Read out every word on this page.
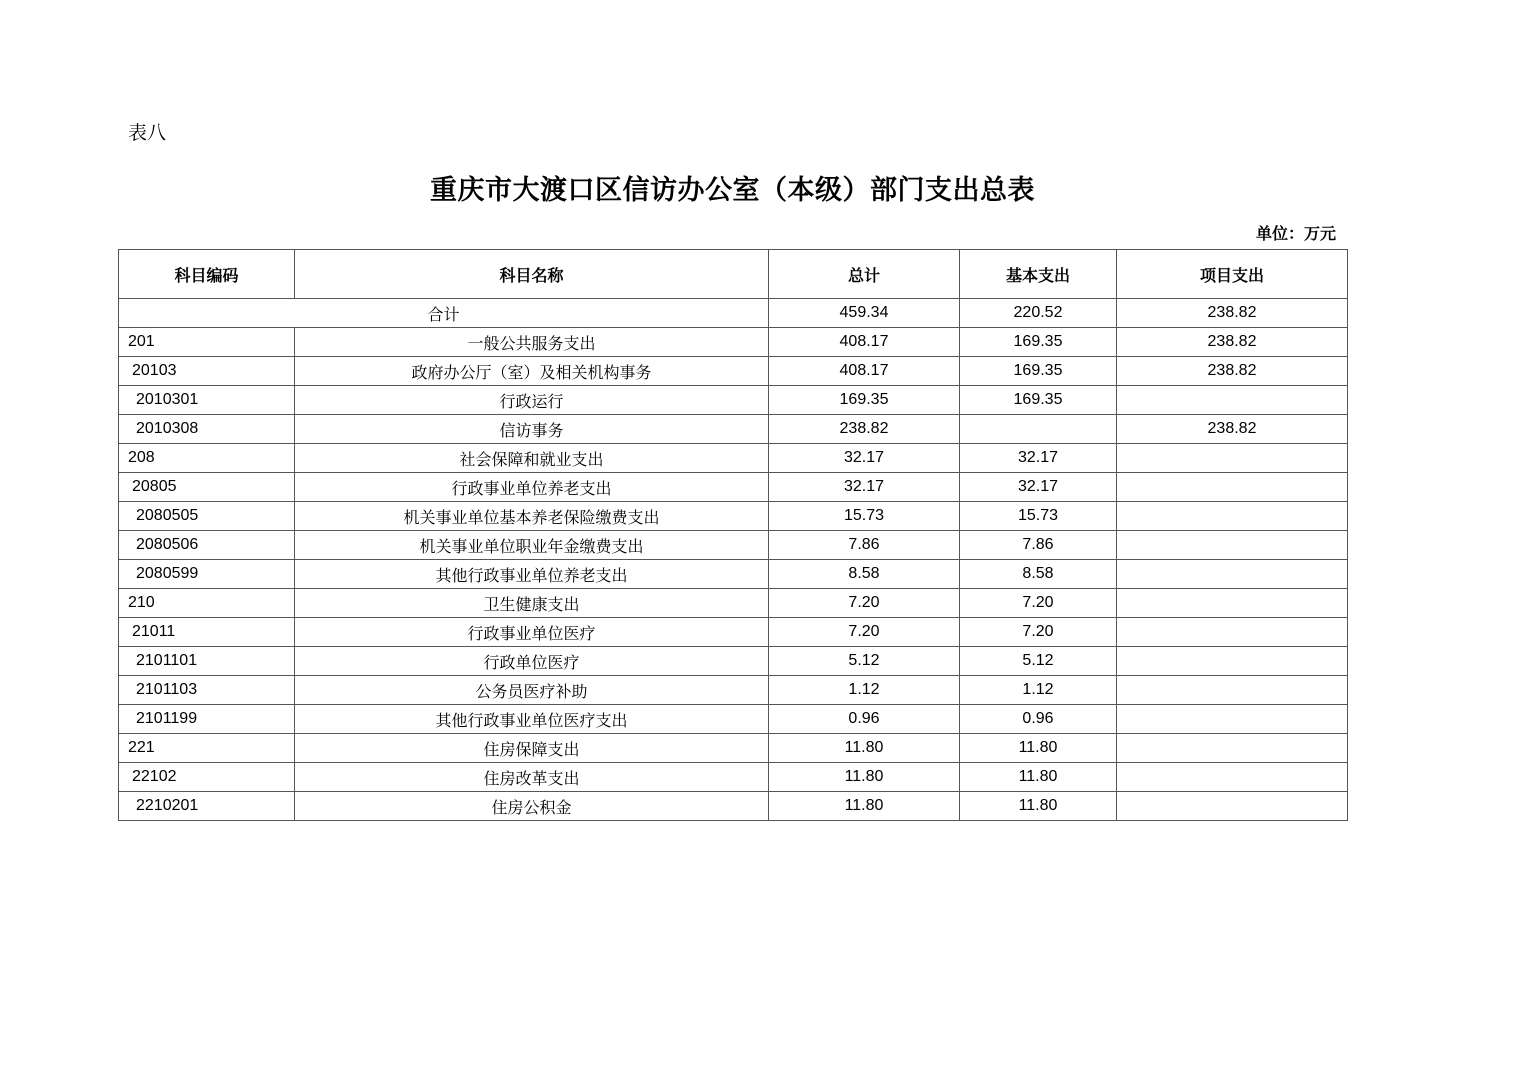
表八
重庆市大渡口区信访办公室（本级）部门支出总表
单位：万元
科目编码	科目名称	总计	基本支出	项目支出
合计		459.34	220.52	238.82
201	一般公共服务支出	408.17	169.35	238.82
20103	政府办公厅（室）及相关机构事务	408.17	169.35	238.82
2010301	行政运行	169.35	169.35	
2010308	信访事务	238.82		238.82
208	社会保障和就业支出	32.17	32.17	
20805	行政事业单位养老支出	32.17	32.17	
2080505	机关事业单位基本养老保险缴费支出	15.73	15.73	
2080506	机关事业单位职业年金缴费支出	7.86	7.86	
2080599	其他行政事业单位养老支出	8.58	8.58	
210	卫生健康支出	7.20	7.20	
21011	行政事业单位医疗	7.20	7.20	
2101101	行政单位医疗	5.12	5.12	
2101103	公务员医疗补助	1.12	1.12	
2101199	其他行政事业单位医疗支出	0.96	0.96	
221	住房保障支出	11.80	11.80	
22102	住房改革支出	11.80	11.80	
2210201	住房公积金	11.80	11.80	
